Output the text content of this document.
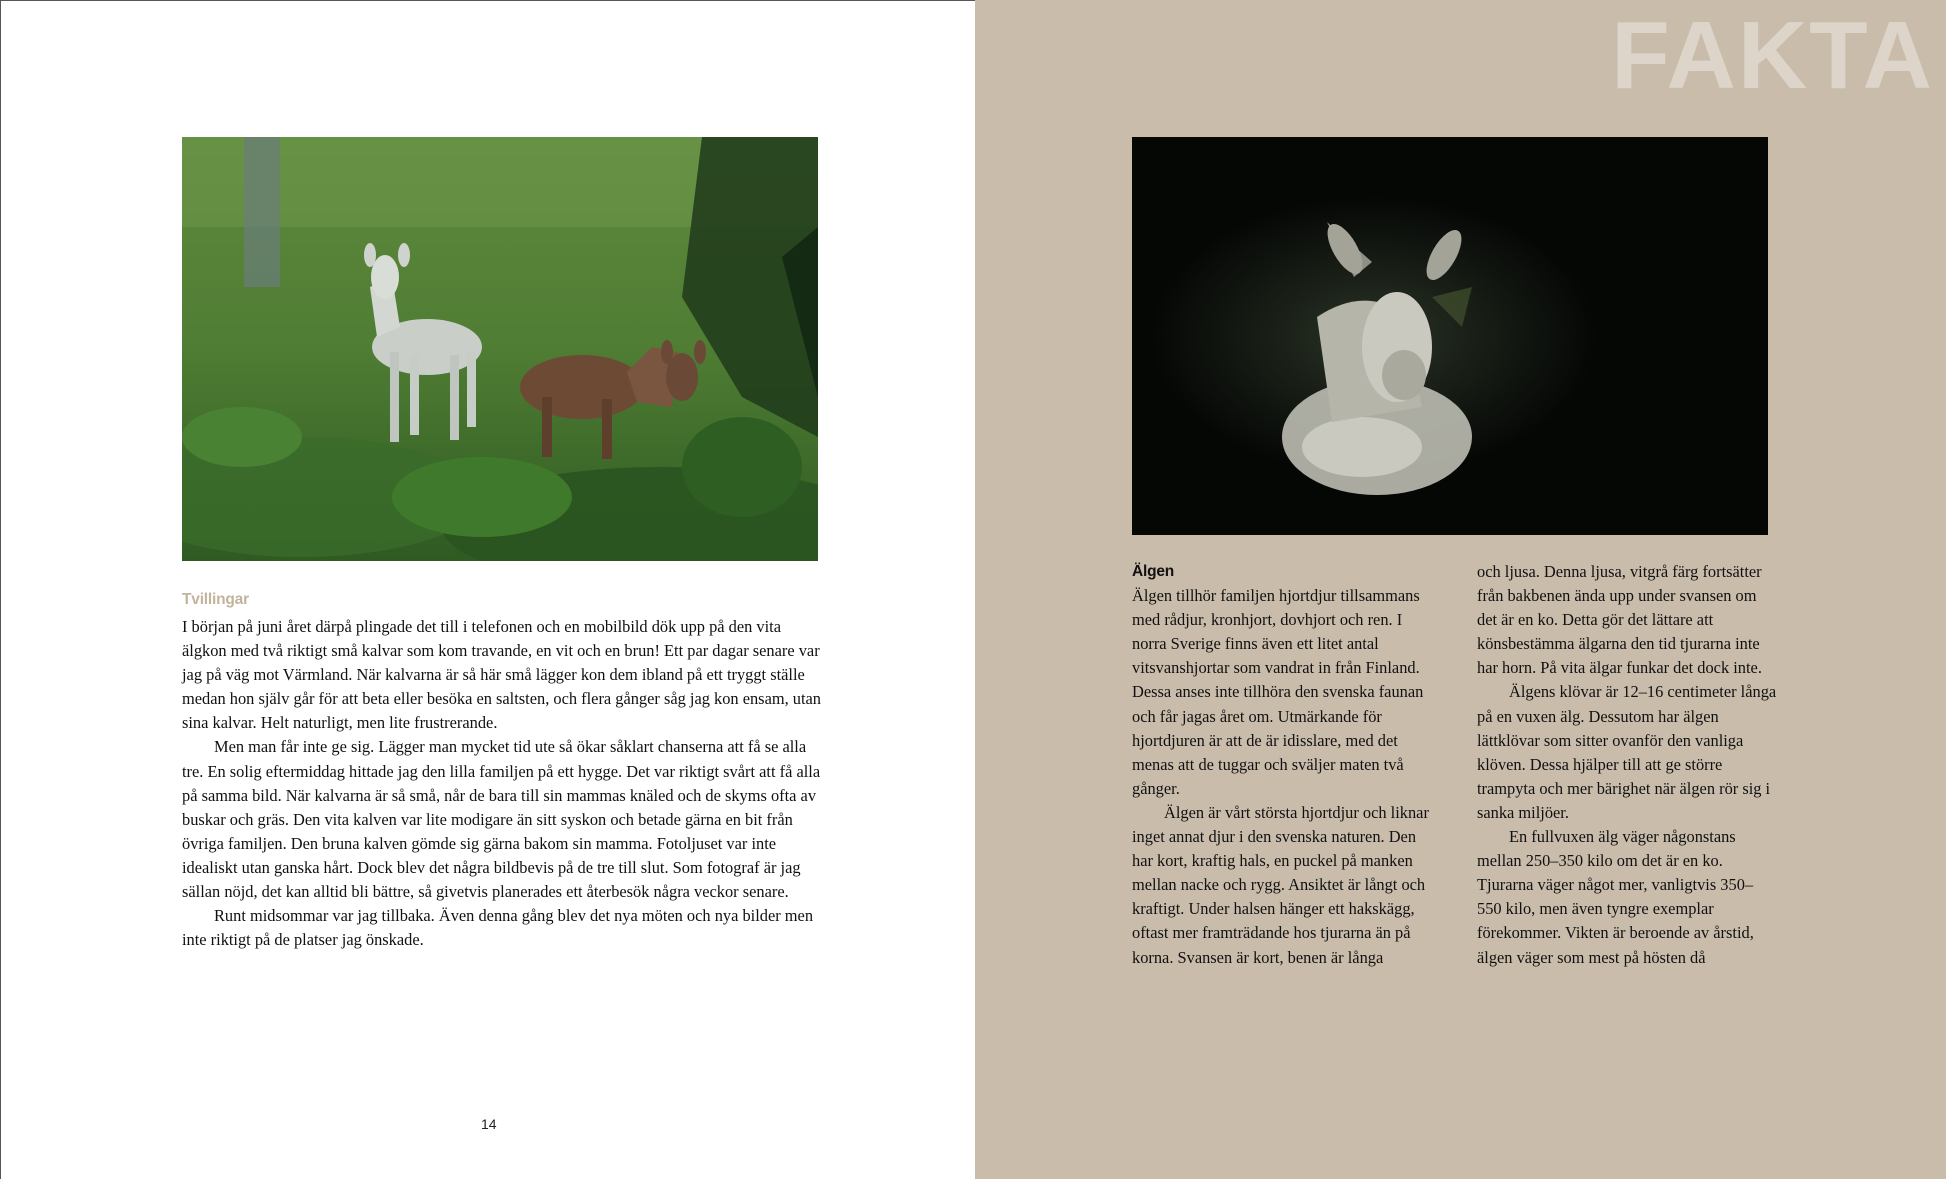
FAKTA
Tvillingar

I början på juni året därpå plingade det till i telefonen och en mobilbild dök upp på den vita älgkon med två riktigt små kalvar som kom travande, en vit och en brun! Ett par dagar senare var jag på väg mot Värmland. När kalvarna är så här små lägger kon dem ibland på ett tryggt ställe medan hon själv går för att beta eller besöka en saltsten, och flera gånger såg jag kon ensam, utan sina kalvar. Helt naturligt, men lite frustrerande.

Men man får inte ge sig. Lägger man mycket tid ute så ökar såklart chanserna att få se alla tre. En solig eftermiddag hittade jag den lilla familjen på ett hygge. Det var riktigt svårt att få alla på samma bild. När kalvarna är så små, når de bara till sin mammas knäled och de skyms ofta av buskar och gräs. Den vita kalven var lite modigare än sitt syskon och betade gärna en bit från övriga familjen. Den bruna kalven gömde sig gärna bakom sin mamma. Fotoljuset var inte idealiskt utan ganska hårt. Dock blev det några bildbevis på de tre till slut. Som fotograf är jag sällan nöjd, det kan alltid bli bättre, så givetvis planerades ett återbesök några veckor senare.

Runt midsommar var jag tillbaka. Även denna gång blev det nya möten och nya bilder men inte riktigt på de platser jag önskade.

14
Älgen

Älgen tillhör familjen hjortdjur tillsammans med rådjur, kronhjort, dovhjort och ren. I norra Sverige finns även ett litet antal vitsvanshjortar som vandrat in från Finland. Dessa anses inte tillhöra den svenska faunan och får jagas året om. Utmärkande för hjortdjuren är att de är idisslare, med det menas att de tuggar och sväljer maten två gånger.

Älgen är vårt största hjortdjur och liknar inget annat djur i den svenska naturen. Den har kort, kraftig hals, en puckel på manken mellan nacke och rygg. Ansiktet är långt och kraftigt. Under halsen hänger ett hakskägg, oftast mer framträdande hos tjurarna än på korna. Svansen är kort, benen är långa

och ljusa. Denna ljusa, vitgrå färg fortsätter från bakbenen ända upp under svansen om det är en ko. Detta gör det lättare att könsbestämma älgarna den tid tjurarna inte har horn. På vita älgar funkar det dock inte.

Älgens klövar är 12–16 centimeter långa på en vuxen älg. Dessutom har älgen lättklövar som sitter ovanför den vanliga klöven. Dessa hjälper till att ge större trampyta och mer bärighet när älgen rör sig i sanka miljöer.

En fullvuxen älg väger någonstans mellan 250–350 kilo om det är en ko. Tjurarna väger något mer, vanligtvis 350–550 kilo, men även tyngre exemplar förekommer. Vikten är beroende av årstid, älgen väger som mest på hösten då
